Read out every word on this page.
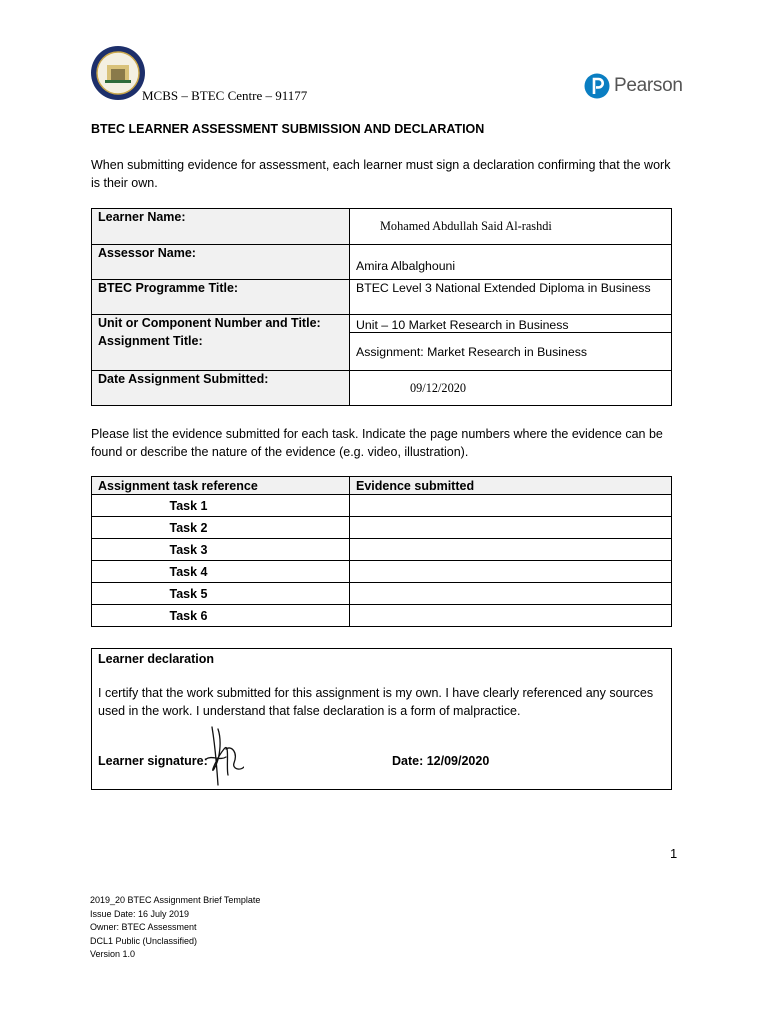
MCBS – BTEC Centre – 91177	Pearson
BTEC LEARNER ASSESSMENT SUBMISSION AND DECLARATION
When submitting evidence for assessment, each learner must sign a declaration confirming that the work is their own.
Learner Name:	Mohamed Abdullah Said Al-rashdi
Assessor Name:	Amira Albalghouni
BTEC Programme Title:	BTEC Level 3 National Extended Diploma in Business
Unit or Component Number and Title:	Unit – 10 Market Research in Business
Assignment Title:	Assignment: Market Research in Business
Date Assignment Submitted:	09/12/2020
Please list the evidence submitted for each task. Indicate the page numbers where the evidence can be found or describe the nature of the evidence (e.g. video, illustration).
Assignment task reference	Evidence submitted
Task 1	
Task 2	
Task 3	
Task 4	
Task 5	
Task 6	
Learner declaration
I certify that the work submitted for this assignment is my own. I have clearly referenced any sources used in the work. I understand that false declaration is a form of malpractice.
Learner signature:	Date: 12/09/2020
1
2019_20 BTEC Assignment Brief Template
Issue Date: 16 July 2019
Owner: BTEC Assessment
DCL1 Public (Unclassified)
Version 1.0
